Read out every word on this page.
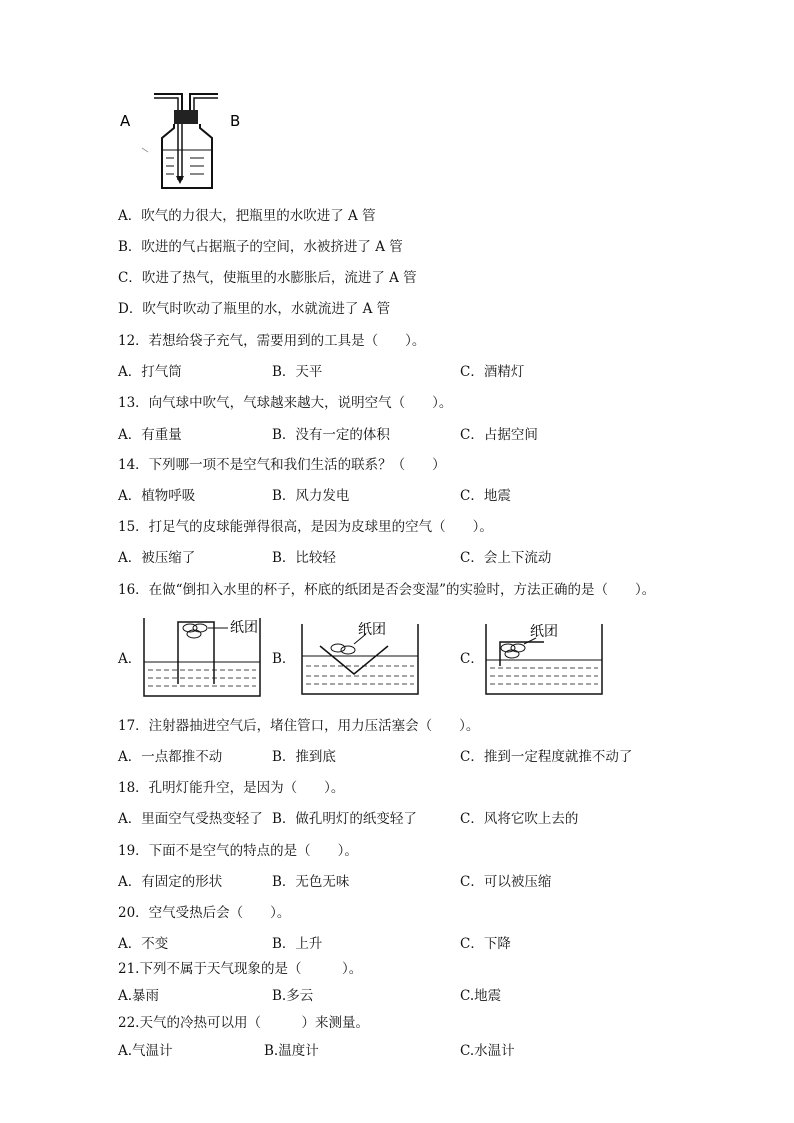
A	B
A．吹气的力很大，把瓶里的水吹进了 A 管
B．吹进的气占据瓶子的空间，水被挤进了 A 管
C．吹进了热气，使瓶里的水膨胀后，流进了 A 管
D．吹气时吹动了瓶里的水，水就流进了 A 管
12．若想给袋子充气，需要用到的工具是（　　）。
A．打气筒	B．天平	C．酒精灯
13．向气球中吹气，气球越来越大，说明空气（　　）。
A．有重量	B．没有一定的体积	C．占据空间
14．下列哪一项不是空气和我们生活的联系？（　　）
A．植物呼吸	B．风力发电	C．地震
15．打足气的皮球能弹得很高，是因为皮球里的空气（　　）。
A．被压缩了	B．比较轻	C．会上下流动
16．在做“倒扣入水里的杯子，杯底的纸团是否会变湿”的实验时，方法正确的是（　　）。
A．	B．	C．
纸团	纸团	纸团
17．注射器抽进空气后，堵住管口，用力压活塞会（　　）。
A．一点都推不动	B．推到底	C．推到一定程度就推不动了
18．孔明灯能升空，是因为（　　）。
A．里面空气受热变轻了 B．做孔明灯的纸变轻了	C．风将它吹上去的
19．下面不是空气的特点的是（　　）。
A．有固定的形状	B．无色无味	C．可以被压缩
20．空气受热后会（　　）。
A．不变	B．上升	C．下降
21.下列不属于天气现象的是（　　　）。
A.暴雨	B.多云	C.地震
22.天气的冷热可以用（　　　）来测量。
A.气温计	B.温度计	C.水温计
